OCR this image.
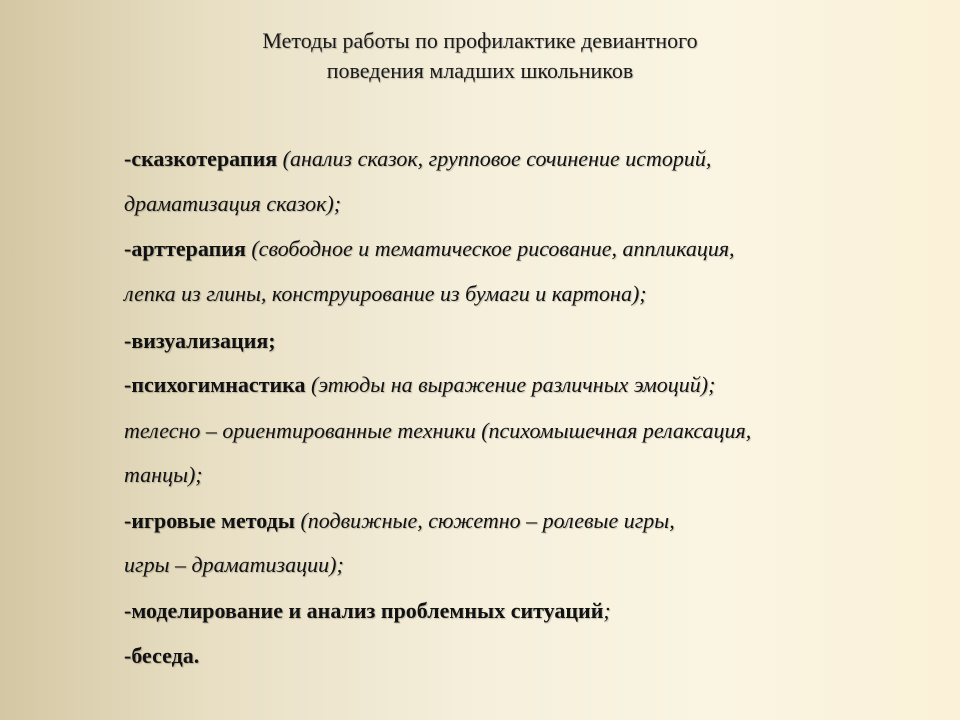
Методы работы по профилактике девиантного
поведения младших школьников
-сказкотерапия (анализ сказок, групповое сочинение историй,
драматизация сказок);
-арттерапия (свободное и тематическое рисование, аппликация,
лепка из глины, конструирование из бумаги и картона);
-визуализация;
-психогимнастика (этюды на выражение различных эмоций);
телесно – ориентированные техники (психомышечная релаксация,
танцы);
-игровые методы (подвижные, сюжетно – ролевые игры,
игры – драматизации);
-моделирование и анализ проблемных ситуаций;
-беседа.
